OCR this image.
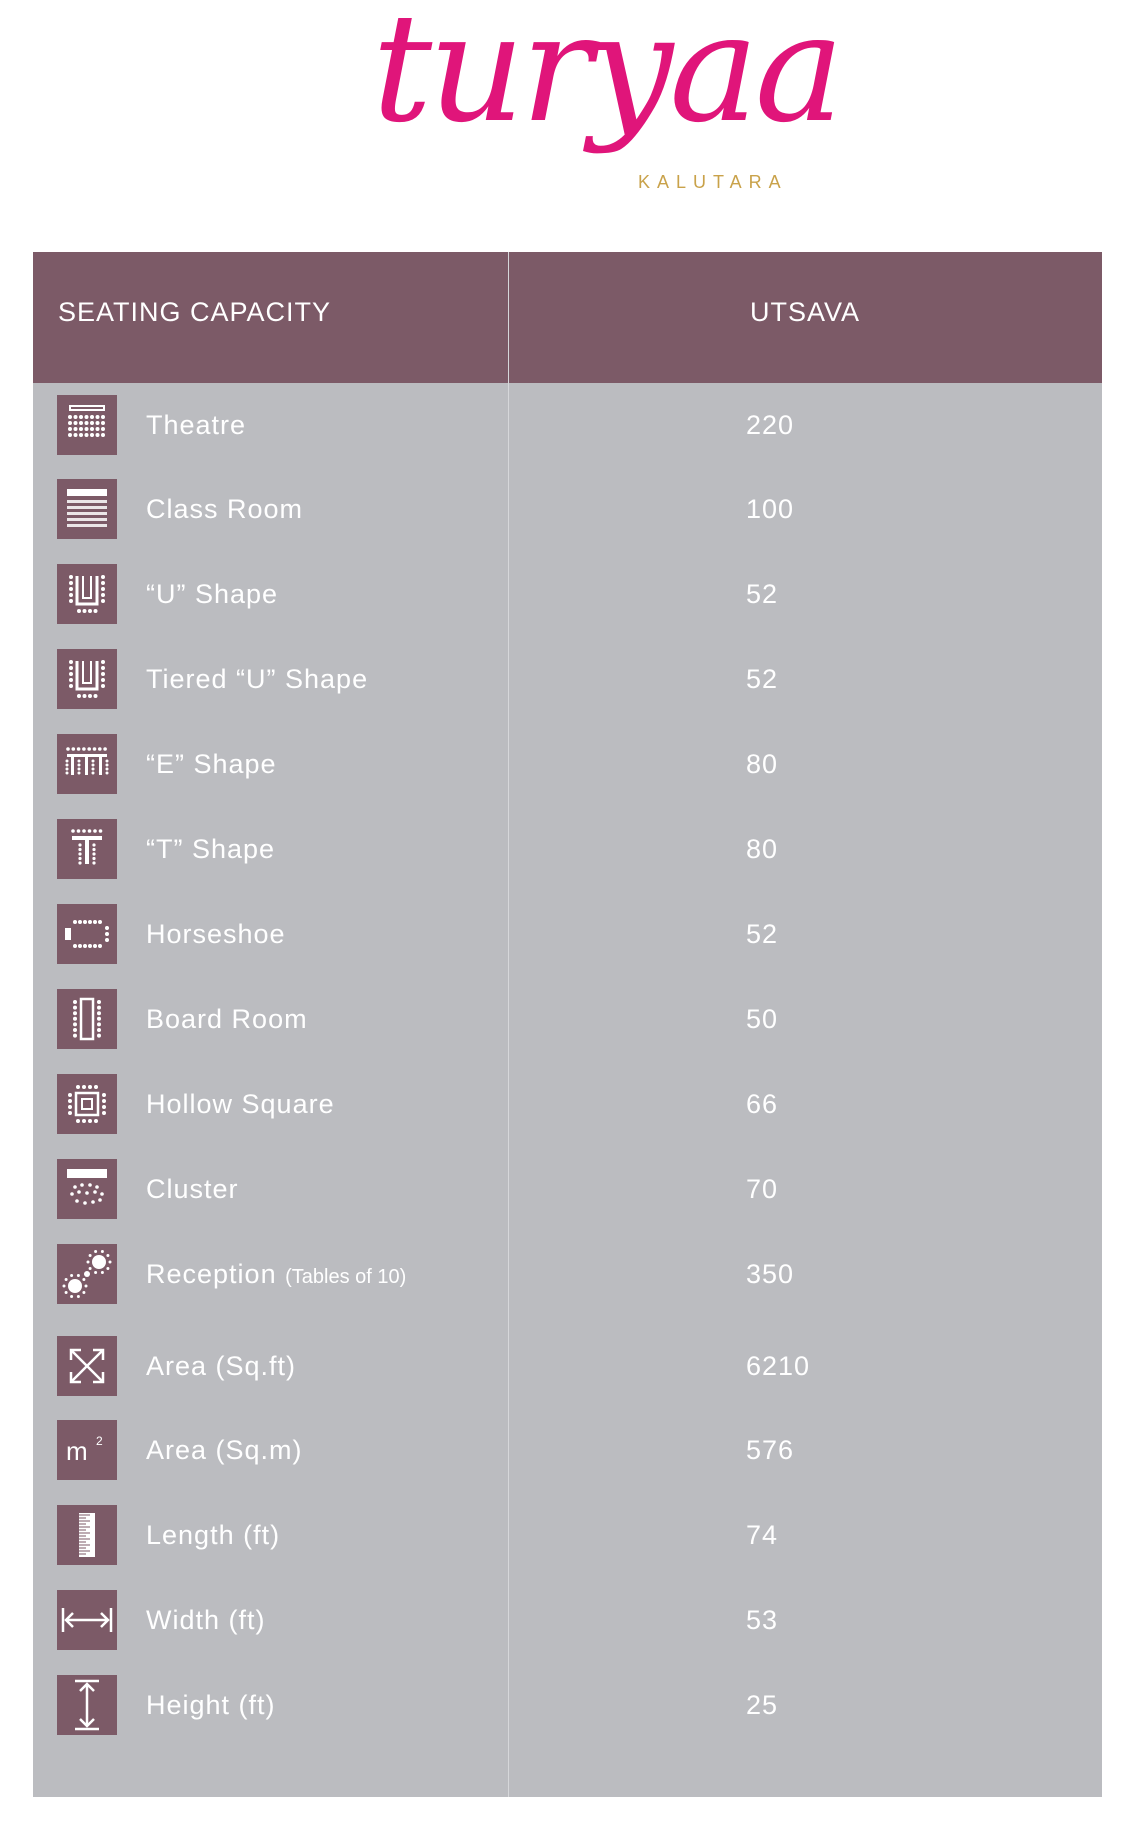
turyaa
KALUTARA
SEATING CAPACITY	UTSAVA
Theatre	220
Class Room	100
“U” Shape	52
Tiered “U” Shape	52
“E” Shape	80
“T” Shape	80
Horseshoe	52
Board Room	50
Hollow Square	66
Cluster	70
Reception (Tables of 10)	350
Area (Sq.ft)	6210
m 2 Area (Sq.m)	576
Length (ft)	74
Width (ft)	53
Height (ft)	25
